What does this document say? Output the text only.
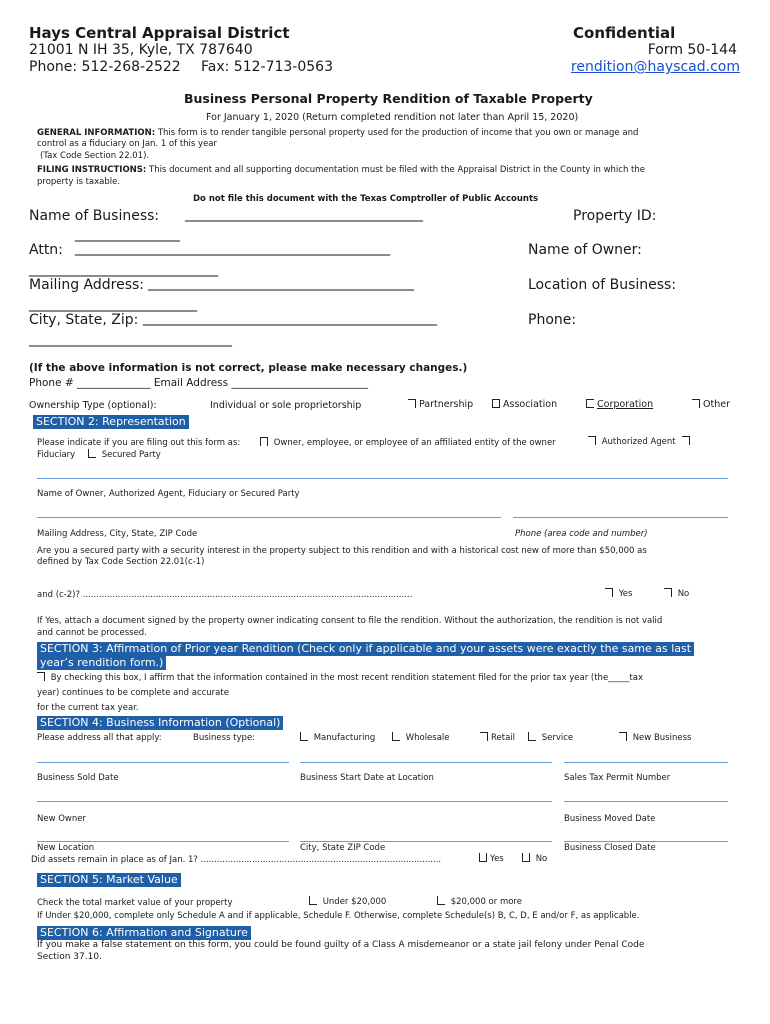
Hays Central Appraisal District
21001 N IH 35, Kyle, TX 787640
Phone: 512-268-2522 Fax: 512-713-0563
Confidential
Form 50-144
rendition@hayscad.com
Business Personal Property Rendition of Taxable Property
For January 1, 2020 (Return completed rendition not later than April 15, 2020)
GENERAL INFORMATION: This form is to render tangible personal property used for the production of income that you own or manage and
control as a fiduciary on Jan. 1 of this year
(Tax Code Section 22.01).
FILING INSTRUCTIONS: This document and all supporting documentation must be filed with the Appraisal District in the County in which the
property is taxable.
Do not file this document with the Texas Comptroller of Public Accounts
Name of Business: __________________________________	Property ID:
_______________
Attn: _____________________________________________	Name of Owner:
___________________________
Mailing Address: ______________________________________	Location of Business:
________________________
City, State, Zip: __________________________________________	Phone:
_____________________________
(If the above information is not correct, please make necessary changes.)
Phone # ______________ Email Address __________________________
Ownership Type (optional):	Individual or sole proprietorship	Partnership	Association	Corporation	Other
SECTION 2: Representation
Please indicate if you are filing out this form as:	Owner, employee, or employee of an affiliated entity of the owner	Authorized Agent
Fiduciary	Secured Party
Name of Owner, Authorized Agent, Fiduciary or Secured Party
Mailing Address, City, State, ZIP Code	Phone (area code and number)
Are you a secured party with a security interest in the property subject to this rendition and with a historical cost new of more than $50,000 as
defined by Tax Code Section 22.01(c-1)
and (c-2)? ..........................................................................................................................	Yes	No
If Yes, attach a document signed by the property owner indicating consent to file the rendition. Without the authorization, the rendition is not valid
and cannot be processed.
SECTION 3: Affirmation of Prior year Rendition (Check only if applicable and your assets were exactly the same as last
year’s rendition form.)
By checking this box, I affirm that the information contained in the most recent rendition statement filed for the prior tax year (the_____tax
year) continues to be complete and accurate
for the current tax year.
SECTION 4: Business Information (Optional)
Please address all that apply:	Business type:	Manufacturing	Wholesale	Retail	Service	New Business
Business Sold Date	Business Start Date at Location	Sales Tax Permit Number
New Owner	Business Moved Date
New Location	City, State ZIP Code	Business Closed Date
Did assets remain in place as of Jan. 1? .........................................................................................	Yes	No
SECTION 5: Market Value
Check the total market value of your property	Under $20,000	$20,000 or more
If Under $20,000, complete only Schedule A and if applicable, Schedule F. Otherwise, complete Schedule(s) B, C, D, E and/or F, as applicable.
SECTION 6: Affirmation and Signature
If you make a false statement on this form, you could be found guilty of a Class A misdemeanor or a state jail felony under Penal Code
Section 37.10.
